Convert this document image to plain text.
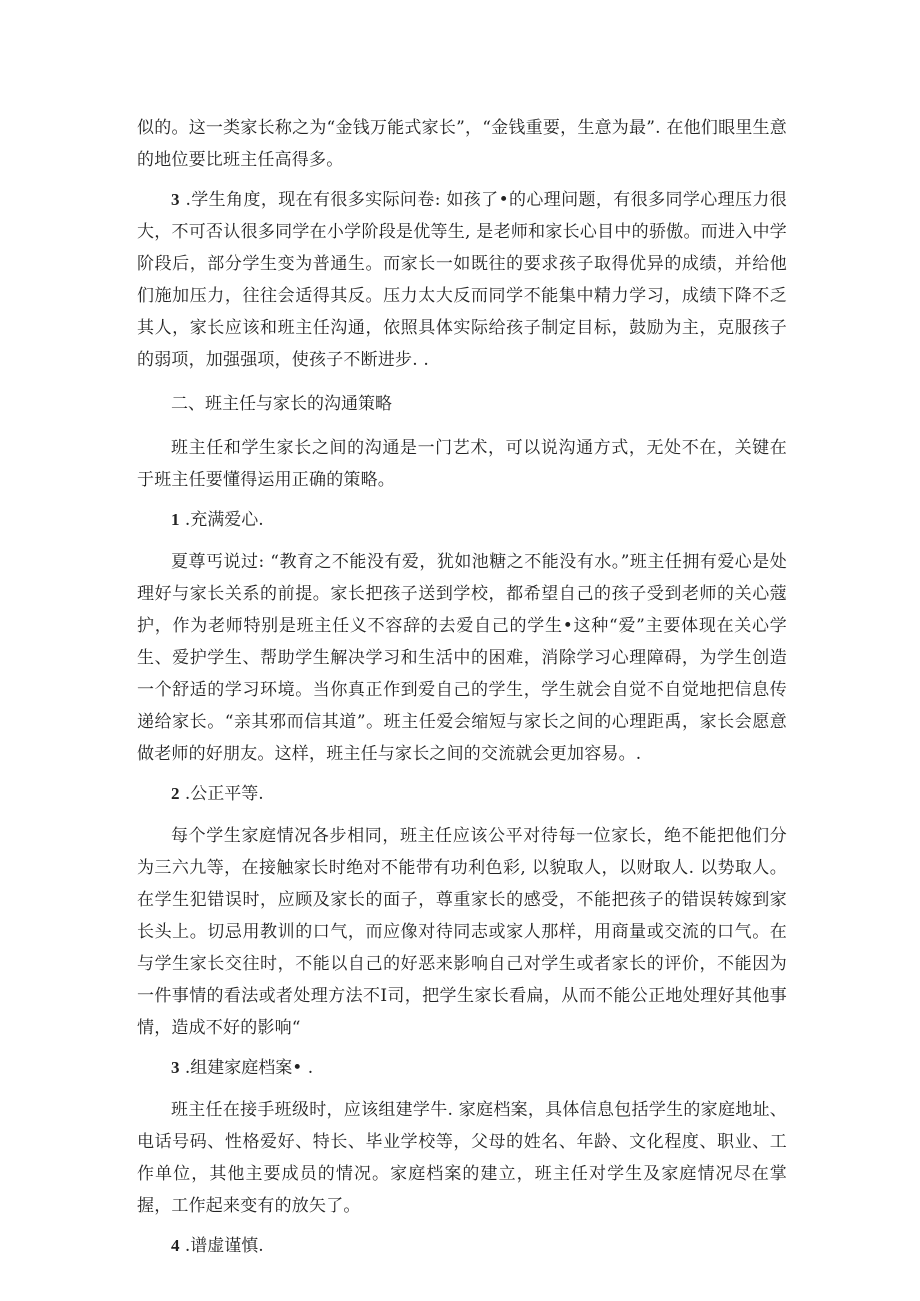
似的。这一类家长称之为“金钱万能式家长”，“金钱重要，生意为最”. 在他们眼里生意的地位要比班主任高得多。

3 .学生角度，现在有很多实际问卷: 如孩了•的心理问题，有很多同学心理压力很大，不可否认很多同学在小学阶段是优等生, 是老师和家长心目中的骄傲。而进入中学阶段后，部分学生变为普通生。而家长一如既往的要求孩子取得优异的成绩，并给他们施加压力，往往会适得其反。压力太大反而同学不能集中精力学习，成绩下降不乏其人，家长应该和班主任沟通，依照具体实际给孩子制定目标，鼓励为主，克服孩子的弱项，加强强项，使孩子不断进步. .

二、班主任与家长的沟通策略

班主任和学生家长之间的沟通是一门艺术，可以说沟通方式，无处不在，关键在于班主任要懂得运用正确的策略。

1 .充满爱心.

夏尊丐说过: “教育之不能没有爱，犹如池糖之不能没有水。”班主任拥有爱心是处理好与家长关系的前提。家长把孩子送到学校，都希望自己的孩子受到老师的关心蔻护，作为老师特别是班主任义不容辞的去爱自己的学生•这种“爱”主要体现在关心学生、爱护学生、帮助学生解决学习和生活中的困难，消除学习心理障碍，为学生创造一个舒适的学习环境。当你真正作到爱自己的学生，学生就会自觉不自觉地把信息传递给家长。“亲其邪而信其道”。班主任爱会缩短与家长之间的心理距禹，家长会愿意做老师的好朋友。这样，班主任与家长之间的交流就会更加容易。.

2 .公正平等.

每个学生家庭情况各步相同，班主任应该公平对待每一位家长，绝不能把他们分为三六九等，在接触家长时绝对不能带有功利色彩, 以貌取人，以财取人. 以势取人。在学生犯错误时，应顾及家长的面子，尊重家长的感受，不能把孩子的错误转嫁到家长头上。切忌用教训的口气，而应像对待同志或家人那样，用商量或交流的口气。在与学生家长交往时，不能以自己的好恶来影响自己对学生或者家长的评价，不能因为一件事情的看法或者处理方法不I司，把学生家长看扁，从而不能公正地处理好其他事情，造成不好的影响“

3 .组建家庭档案• .

班主任在接手班级时，应该组建学牛. 家庭档案，具体信息包括学生的家庭地址、电话号码、性格爱好、特长、毕业学校等，父母的姓名、年龄、文化程度、职业、工作单位，其他主要成员的情况。家庭档案的建立，班主任对学生及家庭情况尽在掌握，工作起来变有的放矢了。

4 .谱虚谨慎.
